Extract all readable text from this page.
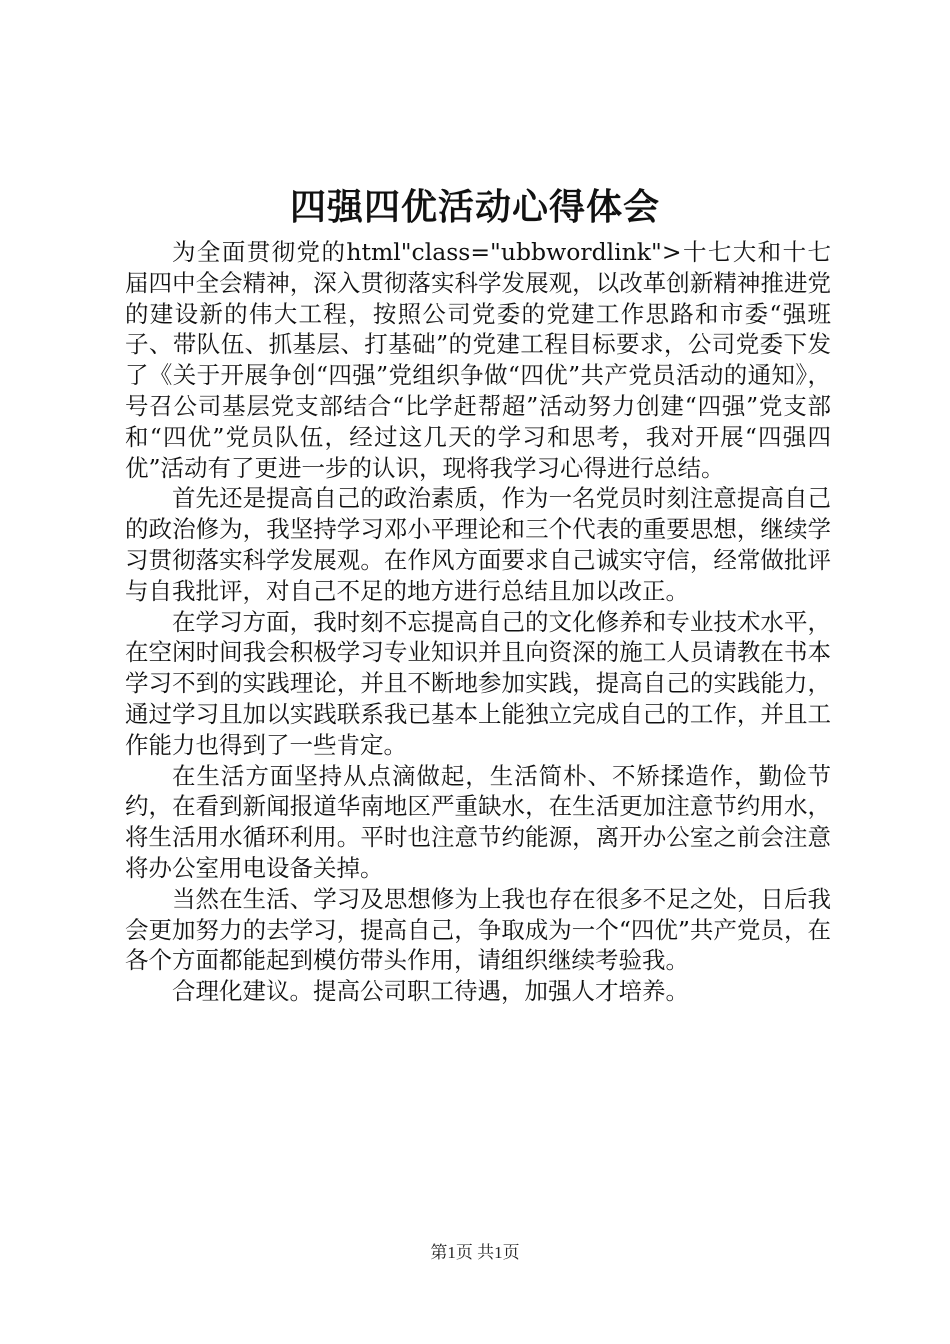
四强四优活动心得体会

为全面贯彻党的html"class="ubbwordlink">十七大和十七届四中全会精神，深入贯彻落实科学发展观，以改革创新精神推进党的建设新的伟大工程，按照公司党委的党建工作思路和市委“强班子、带队伍、抓基层、打基础”的党建工程目标要求，公司党委下发了《关于开展争创“四强”党组织争做“四优”共产党员活动的通知》，号召公司基层党支部结合“比学赶帮超”活动努力创建“四强”党支部和“四优”党员队伍，经过这几天的学习和思考，我对开展“四强四优”活动有了更进一步的认识，现将我学习心得进行总结。

首先还是提高自己的政治素质，作为一名党员时刻注意提高自己的政治修为，我坚持学习邓小平理论和三个代表的重要思想，继续学习贯彻落实科学发展观。在作风方面要求自己诚实守信，经常做批评与自我批评，对自己不足的地方进行总结且加以改正。

在学习方面，我时刻不忘提高自己的文化修养和专业技术水平，在空闲时间我会积极学习专业知识并且向资深的施工人员请教在书本学习不到的实践理论，并且不断地参加实践，提高自己的实践能力，通过学习且加以实践联系我已基本上能独立完成自己的工作，并且工作能力也得到了一些肯定。

在生活方面坚持从点滴做起，生活简朴、不矫揉造作，勤俭节约，在看到新闻报道华南地区严重缺水，在生活更加注意节约用水，将生活用水循环利用。平时也注意节约能源，离开办公室之前会注意将办公室用电设备关掉。

当然在生活、学习及思想修为上我也存在很多不足之处，日后我会更加努力的去学习，提高自己，争取成为一个“四优”共产党员，在各个方面都能起到模仿带头作用，请组织继续考验我。

合理化建议。提高公司职工待遇，加强人才培养。

第1页 共1页
